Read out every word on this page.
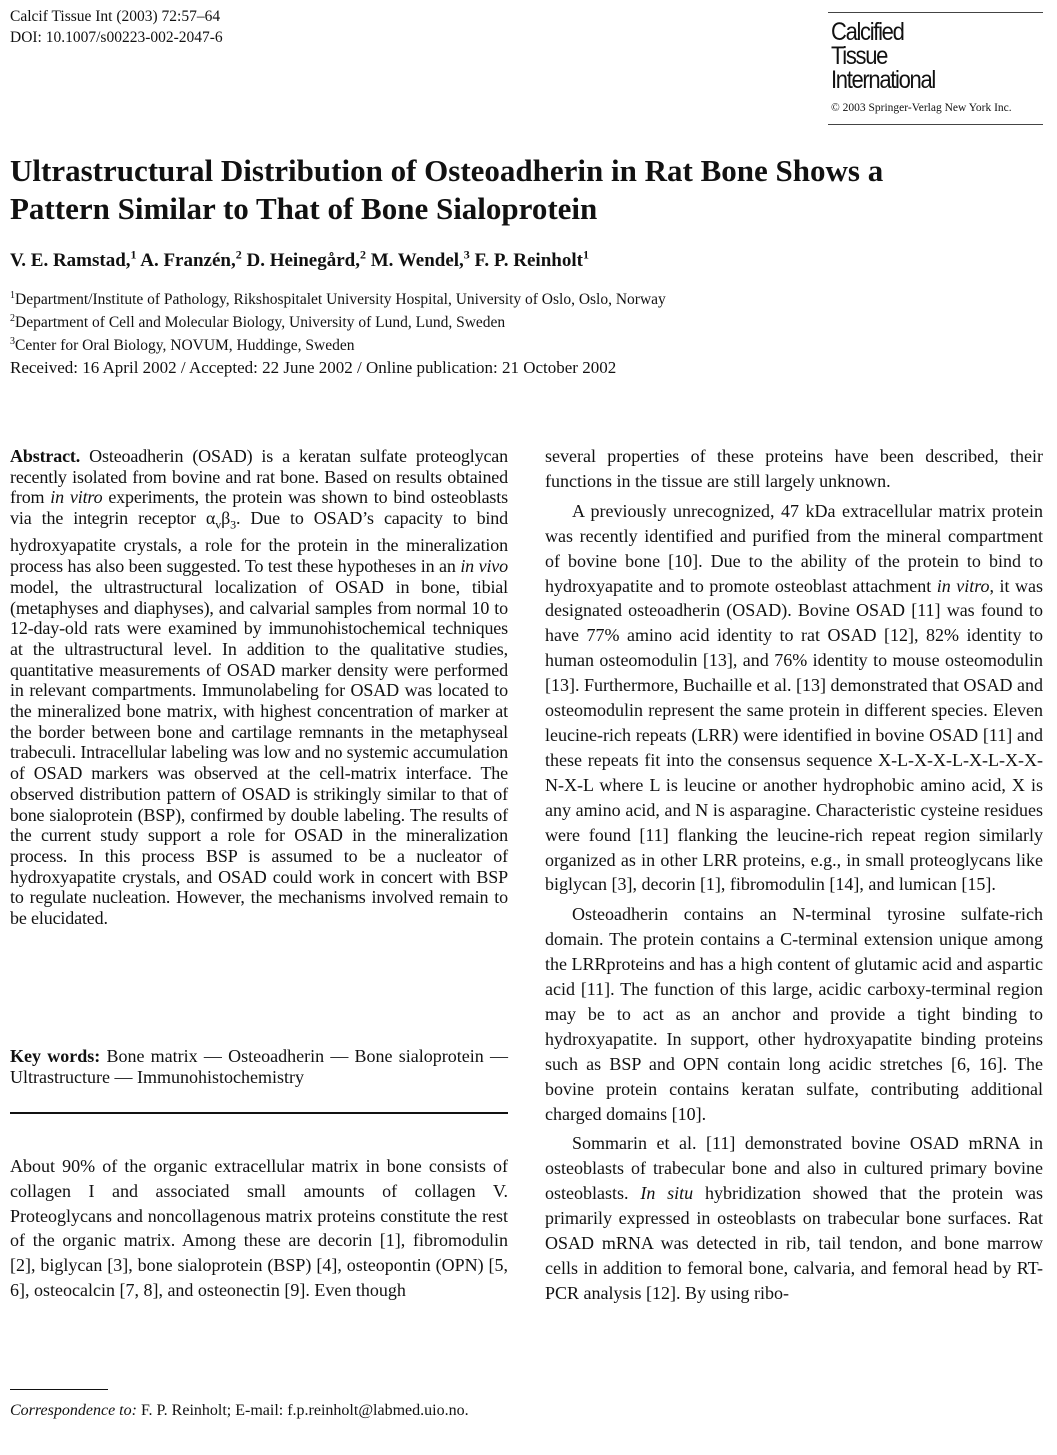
Calcif Tissue Int (2003) 72:57–64
DOI: 10.1007/s00223-002-2047-6	Calcified
Tissue
International
© 2003 Springer-Verlag New York Inc.
Ultrastructural Distribution of Osteoadherin in Rat Bone Shows a
Pattern Similar to That of Bone Sialoprotein
V. E. Ramstad,$^1$ A. Franzén,$^2$ D. Heinegård,$^2$ M. Wendel,$^3$ F. P. Reinholt$^1$
$^1$Department/Institute of Pathology, Rikshospitalet University Hospital, University of Oslo, Oslo, Norway
$^2$Department of Cell and Molecular Biology, University of Lund, Lund, Sweden
$^3$Center for Oral Biology, NOVUM, Huddinge, Sweden
Received: 16 April 2002 / Accepted: 22 June 2002 / Online publication: 21 October 2002
Abstract. Osteoadherin (OSAD) is a keratan sulfate proteoglycan recently isolated from bovine and rat bone. Based on results obtained from in vitro experiments, the protein was shown to bind osteoblasts via the integrin receptor $\alpha_v\beta_3$. Due to OSAD’s capacity to bind hydroxyapatite crystals, a role for the protein in the mineralization process has also been suggested. To test these hypotheses in an in vivo model, the ultrastructural localization of OSAD in bone, tibial (metaphyses and diaphyses), and calvarial samples from normal 10 to 12-day-old rats were examined by immunohistochemical techniques at the ultrastructural level. In addition to the qualitative studies, quantitative measurements of OSAD marker density were performed in relevant compartments. Immunolabeling for OSAD was located to the mineralized bone matrix, with highest concentration of marker at the border between bone and cartilage remnants in the metaphyseal trabeculi. Intracellular labeling was low and no systemic accumulation of OSAD markers was observed at the cell-matrix interface. The observed distribution pattern of OSAD is strikingly similar to that of bone sialoprotein (BSP), confirmed by double labeling. The results of the current study support a role for OSAD in the mineralization process. In this process BSP is assumed to be a nucleator of hydroxyapatite crystals, and OSAD could work in concert with BSP to regulate nucleation. However, the mechanisms involved remain to be elucidated.
Key words: Bone matrix — Osteoadherin — Bone sialoprotein — Ultrastructure — Immunohistochemistry
About 90% of the organic extracellular matrix in bone consists of collagen I and associated small amounts of collagen V. Proteoglycans and noncollagenous matrix proteins constitute the rest of the organic matrix. Among these are decorin [1], fibromodulin [2], biglycan [3], bone sialoprotein (BSP) [4], osteopontin (OPN) [5, 6], osteocalcin [7, 8], and osteonectin [9]. Even though
Correspondence to: F. P. Reinholt; E-mail: f.p.reinholt@labmed.uio.no.

several properties of these proteins have been described, their functions in the tissue are still largely unknown.

A previously unrecognized, 47 kDa extracellular matrix protein was recently identified and purified from the mineral compartment of bovine bone [10]. Due to the ability of the protein to bind to hydroxyapatite and to promote osteoblast attachment in vitro, it was designated osteoadherin (OSAD). Bovine OSAD [11] was found to have 77% amino acid identity to rat OSAD [12], 82% identity to human osteomodulin [13], and 76% identity to mouse osteomodulin [13]. Furthermore, Buchaille et al. [13] demonstrated that OSAD and osteomodulin represent the same protein in different species. Eleven leucine-rich repeats (LRR) were identified in bovine OSAD [11] and these repeats fit into the consensus sequence X-L-X-X-L-X-L-X-X-N-X-L where L is leucine or another hydrophobic amino acid, X is any amino acid, and N is asparagine. Characteristic cysteine residues were found [11] flanking the leucine-rich repeat region similarly organized as in other LRR proteins, e.g., in small proteoglycans like biglycan [3], decorin [1], fibromodulin [14], and lumican [15].

Osteoadherin contains an N-terminal tyrosine sulfate-rich domain. The protein contains a C-terminal extension unique among the LRRproteins and has a high content of glutamic acid and aspartic acid [11]. The function of this large, acidic carboxy-terminal region may be to act as an anchor and provide a tight binding to hydroxyapatite. In support, other hydroxyapatite binding proteins such as BSP and OPN contain long acidic stretches [6, 16]. The bovine protein contains keratan sulfate, contributing additional charged domains [10].

Sommarin et al. [11] demonstrated bovine OSAD mRNA in osteoblasts of trabecular bone and also in cultured primary bovine osteoblasts. In situ hybridization showed that the protein was primarily expressed in osteoblasts on trabecular bone surfaces. Rat OSAD mRNA was detected in rib, tail tendon, and bone marrow cells in addition to femoral bone, calvaria, and femoral head by RT-PCR analysis [12]. By using ribo-
